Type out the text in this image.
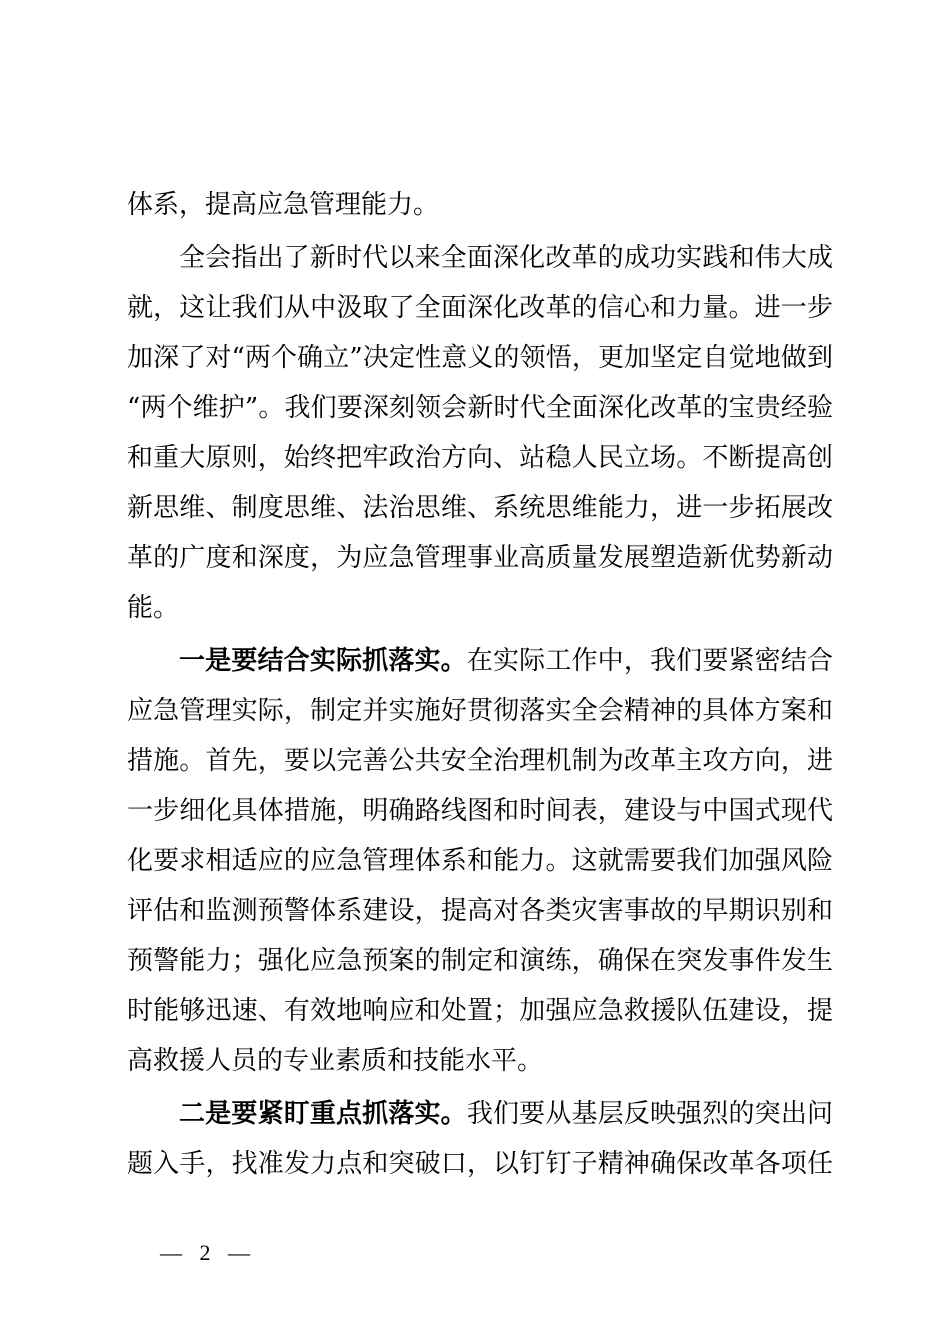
体系，提高应急管理能力。
全会指出了新时代以来全面深化改革的成功实践和伟大成
就，这让我们从中汲取了全面深化改革的信心和力量。进一步
加深了对“两个确立”决定性意义的领悟，更加坚定自觉地做到
“两个维护”。我们要深刻领会新时代全面深化改革的宝贵经验
和重大原则，始终把牢政治方向、站稳人民立场。不断提高创
新思维、制度思维、法治思维、系统思维能力，进一步拓展改
革的广度和深度，为应急管理事业高质量发展塑造新优势新动
能。
一是要结合实际抓落实。在实际工作中，我们要紧密结合
应急管理实际，制定并实施好贯彻落实全会精神的具体方案和
措施。首先，要以完善公共安全治理机制为改革主攻方向，进
一步细化具体措施，明确路线图和时间表，建设与中国式现代
化要求相适应的应急管理体系和能力。这就需要我们加强风险
评估和监测预警体系建设，提高对各类灾害事故的早期识别和
预警能力；强化应急预案的制定和演练，确保在突发事件发生
时能够迅速、有效地响应和处置；加强应急救援队伍建设，提
高救援人员的专业素质和技能水平。
二是要紧盯重点抓落实。我们要从基层反映强烈的突出问
题入手，找准发力点和突破口，以钉钉子精神确保改革各项任
— 2 —
